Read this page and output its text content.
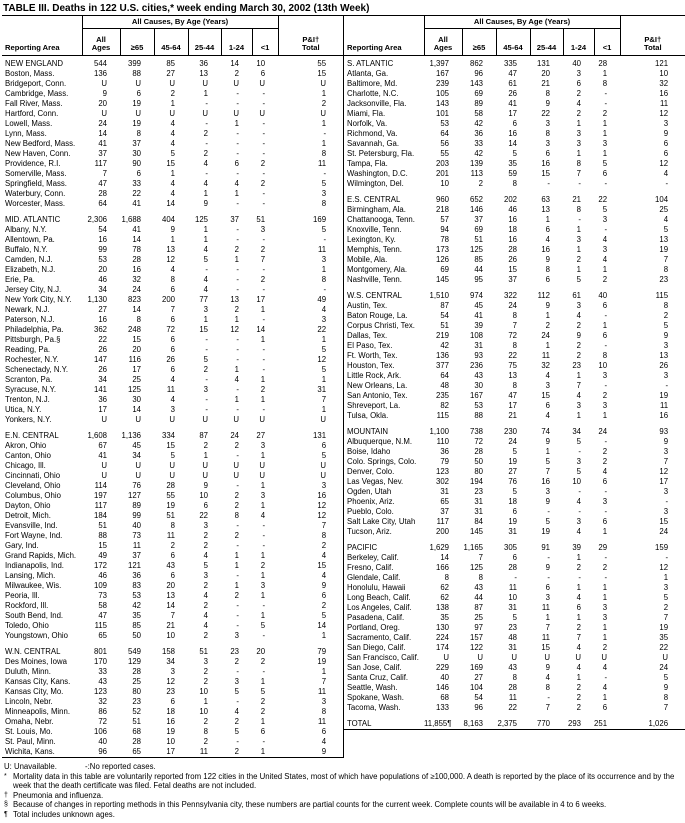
TABLE III. Deaths in 122 U.S. cities,* week ending March 30, 2002 (13th Week)
Reporting Area	All Causes, By Age (Years)						P&I†
Total
	All
Ages	≥65	45-64	25-44	1-24	<1	
NEW ENGLAND	544	399	85	36	14	10	55
Boston, Mass.	136	88	27	13	2	6	15
Bridgeport, Conn.	U	U	U	U	U	U	U
Cambridge, Mass.	9	6	2	1	-	-	1
Fall River, Mass.	20	19	1	-	-	-	2
Hartford, Conn.	U	U	U	U	U	U	U
Lowell, Mass.	24	19	4	-	1	-	1
Lynn, Mass.	14	8	4	2	-	-	-
New Bedford, Mass.	41	37	4	-	-	-	1
New Haven, Conn.	37	30	5	2	-	-	8
Providence, R.I.	117	90	15	4	6	2	11
Somerville, Mass.	7	6	1	-	-	-	-
Springfield, Mass.	47	33	4	4	4	2	5
Waterbury, Conn.	28	22	4	1	1	-	3
Worcester, Mass.	64	41	14	9	-	-	8

MID. ATLANTIC	2,306	1,688	404	125	37	51	169
Albany, N.Y.	54	41	9	1	-	3	5
Allentown, Pa.	16	14	1	1	-	-	-
Buffalo, N.Y.	99	78	13	4	2	2	11
Camden, N.J.	53	28	12	5	1	7	3
Elizabeth, N.J.	20	16	4	-	-	-	1
Erie, Pa.	46	32	8	4	-	2	8
Jersey City, N.J.	34	24	6	4	-	-	-
New York City, N.Y.	1,130	823	200	77	13	17	49
Newark, N.J.	27	14	7	3	2	1	4
Paterson, N.J.	16	8	6	1	1	-	3
Philadelphia, Pa.	362	248	72	15	12	14	22
Pittsburgh, Pa.§	22	15	6	-	-	1	1
Reading, Pa.	26	20	6	-	-	-	5
Rochester, N.Y.	147	116	26	5	-	-	12
Schenectady, N.Y.	26	17	6	2	1	-	5
Scranton, Pa.	34	25	4	-	4	1	1
Syracuse, N.Y.	141	125	11	3	-	2	31
Trenton, N.J.	36	30	4	-	1	1	7
Utica, N.Y.	17	14	3	-	-	-	1
Yonkers, N.Y.	U	U	U	U	U	U	U

E.N. CENTRAL	1,608	1,136	334	87	24	27	131
Akron, Ohio	67	45	15	2	2	3	6
Canton, Ohio	41	34	5	1	-	1	5
Chicago, Ill.	U	U	U	U	U	U	U
Cincinnati, Ohio	U	U	U	U	U	U	U
Cleveland, Ohio	114	76	28	9	-	1	3
Columbus, Ohio	197	127	55	10	2	3	16
Dayton, Ohio	117	89	19	6	2	1	12
Detroit, Mich.	184	99	51	22	8	4	12
Evansville, Ind.	51	40	8	3	-	-	7
Fort Wayne, Ind.	88	73	11	2	2	-	8
Gary, Ind.	15	11	2	2	-	-	2
Grand Rapids, Mich.	49	37	6	4	1	1	4
Indianapolis, Ind.	172	121	43	5	1	2	15
Lansing, Mich.	46	36	6	3	-	1	4
Milwaukee, Wis.	109	83	20	2	1	3	9
Peoria, Ill.	73	53	13	4	2	1	6
Rockford, Ill.	58	42	14	2	-	-	2
South Bend, Ind.	47	35	7	4	-	1	5
Toledo, Ohio	115	85	21	4	-	5	14
Youngstown, Ohio	65	50	10	2	3	-	1

W.N. CENTRAL	801	549	158	51	23	20	79
Des Moines, Iowa	170	129	34	3	2	2	19
Duluth, Minn.	33	28	3	2	-	-	1
Kansas City, Kans.	43	25	12	2	3	1	7
Kansas City, Mo.	123	80	23	10	5	5	11
Lincoln, Nebr.	32	23	6	1	-	2	3
Minneapolis, Minn.	86	52	18	10	4	2	8
Omaha, Nebr.	72	51	16	2	2	1	11
St. Louis, Mo.	106	68	19	8	5	6	6
St. Paul, Minn.	40	28	10	2	-	-	4
Wichita, Kans.	96	65	17	11	2	1	9
Reporting Area	All Causes, By Age (Years)						P&I†
Total
	All
Ages	≥65	45-64	25-44	1-24	<1	
S. ATLANTIC	1,397	862	335	131	40	28	121
Atlanta, Ga.	167	96	47	20	3	1	10
Baltimore, Md.	239	143	61	21	6	8	32
Charlotte, N.C.	105	69	26	8	2	-	16
Jacksonville, Fla.	143	89	41	9	4	-	11
Miami, Fla.	101	58	17	22	2	2	12
Norfolk, Va.	53	42	6	3	1	1	3
Richmond, Va.	64	36	16	8	3	1	9
Savannah, Ga.	56	33	14	3	3	3	6
St. Petersburg, Fla.	55	42	5	6	1	1	6
Tampa, Fla.	203	139	35	16	8	5	12
Washington, D.C.	201	113	59	15	7	6	4
Wilmington, Del.	10	2	8	-	-	-	-

E.S. CENTRAL	960	652	202	63	21	22	104
Birmingham, Ala.	218	146	46	13	8	5	25
Chattanooga, Tenn.	57	37	16	1	-	3	4
Knoxville, Tenn.	94	69	18	6	1	-	5
Lexington, Ky.	78	51	16	4	3	4	13
Memphis, Tenn.	173	125	28	16	1	3	19
Mobile, Ala.	126	85	26	9	2	4	7
Montgomery, Ala.	69	44	15	8	1	1	8
Nashville, Tenn.	145	95	37	6	5	2	23

W.S. CENTRAL	1,510	974	322	112	61	40	115
Austin, Tex.	87	45	24	9	3	6	8
Baton Rouge, La.	54	41	8	1	4	-	2
Corpus Christi, Tex.	51	39	7	2	2	1	5
Dallas, Tex.	219	108	72	24	9	6	9
El Paso, Tex.	42	31	8	1	2	-	3
Ft. Worth, Tex.	136	93	22	11	2	8	13
Houston, Tex.	377	236	75	32	23	10	26
Little Rock, Ark.	64	43	13	4	1	3	3
New Orleans, La.	48	30	8	3	7	-	-
San Antonio, Tex.	235	167	47	15	4	2	19
Shreveport, La.	82	53	17	6	3	3	11
Tulsa, Okla.	115	88	21	4	1	1	16

MOUNTAIN	1,100	738	230	74	34	24	93
Albuquerque, N.M.	110	72	24	9	5	-	9
Boise, Idaho	36	28	5	1	-	2	3
Colo. Springs, Colo.	79	50	19	5	3	2	7
Denver, Colo.	123	80	27	7	5	4	12
Las Vegas, Nev.	302	194	76	16	10	6	17
Ogden, Utah	31	23	5	3	-	-	3
Phoenix, Ariz.	65	31	18	9	4	3	-
Pueblo, Colo.	37	31	6	-	-	-	3
Salt Lake City, Utah	117	84	19	5	3	6	15
Tucson, Ariz.	200	145	31	19	4	1	24

PACIFIC	1,629	1,165	305	91	39	29	159
Berkeley, Calif.	14	7	6	-	1	-	-
Fresno, Calif.	166	125	28	9	2	2	12
Glendale, Calif.	8	8	-	-	-	-	1
Honolulu, Hawaii	62	43	11	6	1	1	3
Long Beach, Calif.	62	44	10	3	4	1	5
Los Angeles, Calif.	138	87	31	11	6	3	2
Pasadena, Calif.	35	25	5	1	1	3	7
Portland, Oreg.	130	97	23	7	2	1	19
Sacramento, Calif.	224	157	48	11	7	1	35
San Diego, Calif.	174	122	31	15	4	2	22
San Francisco, Calif.	U	U	U	U	U	U	U
San Jose, Calif.	229	169	43	9	4	4	24
Santa Cruz, Calif.	40	27	8	4	1	-	5
Seattle, Wash.	146	104	28	8	2	4	9
Spokane, Wash.	68	54	11	-	2	1	8
Tacoma, Wash.	133	96	22	7	2	6	7

TOTAL	11,855¶	8,163	2,375	770	293	251	1,026
U: Unavailable.	-:No reported cases.
* Mortality data in this table are voluntarily reported from 122 cities in the United States, most of which have populations of ≥100,000. A death is reported by the place of its occurrence and by the week that the death certificate was filed. Fetal deaths are not included.
† Pneumonia and influenza.
§ Because of changes in reporting methods in this Pennsylvania city, these numbers are partial counts for the current week. Complete counts will be available in 4 to 6 weeks.
¶ Total includes unknown ages.
